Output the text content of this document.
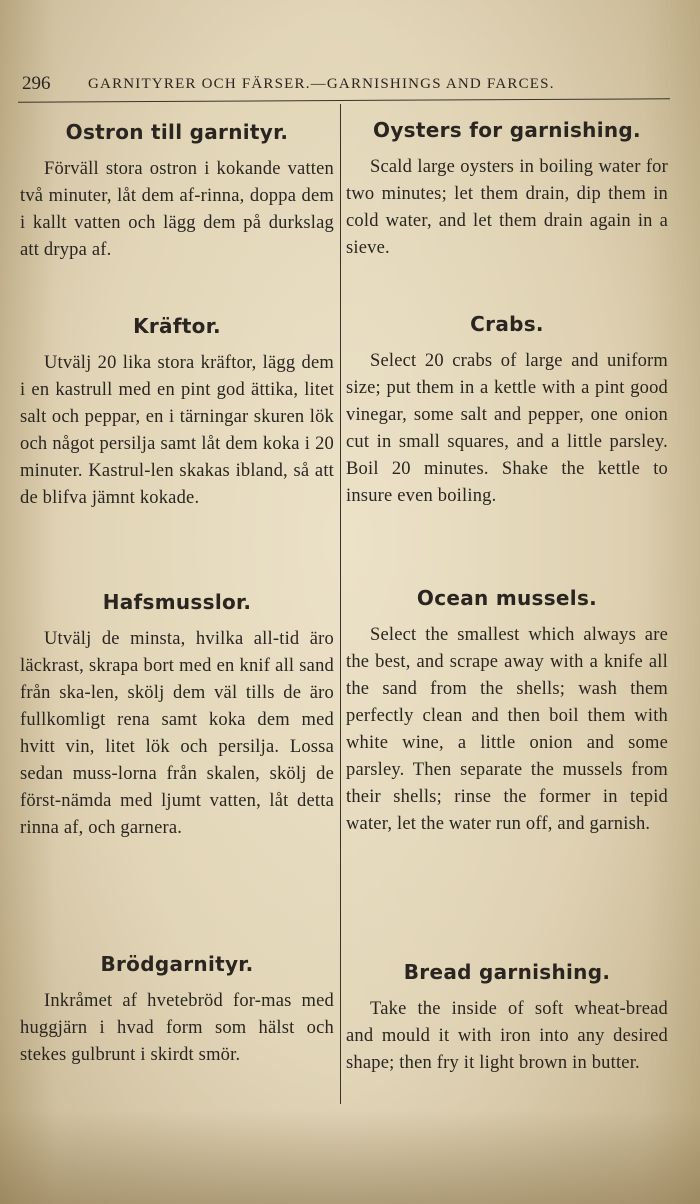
296	GARNITYRER OCH FÄRSER.—GARNISHINGS AND FARCES.
Ostron till garnityr.

Förväll stora ostron i kokande vatten två minuter, låt dem af-rinna, doppa dem i kallt vatten och lägg dem på durkslag att drypa af.

Kräftor.

Utvälj 20 lika stora kräftor, lägg dem i en kastrull med en pint god ättika, litet salt och peppar, en i tärningar skuren lök och något persilja samt låt dem koka i 20 minuter. Kastrul-len skakas ibland, så att de blifva jämnt kokade.

Hafsmusslor.

Utvälj de minsta, hvilka all-tid äro läckrast, skrapa bort med en knif all sand från ska-len, skölj dem väl tills de äro fullkomligt rena samt koka dem med hvitt vin, litet lök och persilja. Lossa sedan muss-lorna från skalen, skölj de först-nämda med ljumt vatten, låt detta rinna af, och garnera.

Brödgarnityr.

Inkråmet af hvetebröd for-mas med huggjärn i hvad form som hälst och stekes gulbrunt i skirdt smör.

Oysters for garnishing.

Scald large oysters in boiling water for two minutes; let them drain, dip them in cold water, and let them drain again in a sieve.

Crabs.

Select 20 crabs of large and uniform size; put them in a kettle with a pint good vinegar, some salt and pepper, one onion cut in small squares, and a little parsley. Boil 20 minutes. Shake the kettle to insure even boiling.

Ocean mussels.

Select the smallest which always are the best, and scrape away with a knife all the sand from the shells; wash them perfectly clean and then boil them with white wine, a little onion and some parsley. Then separate the mussels from their shells; rinse the former in tepid water, let the water run off, and garnish.

Bread garnishing.

Take the inside of soft wheat-bread and mould it with iron into any desired shape; then fry it light brown in butter.
